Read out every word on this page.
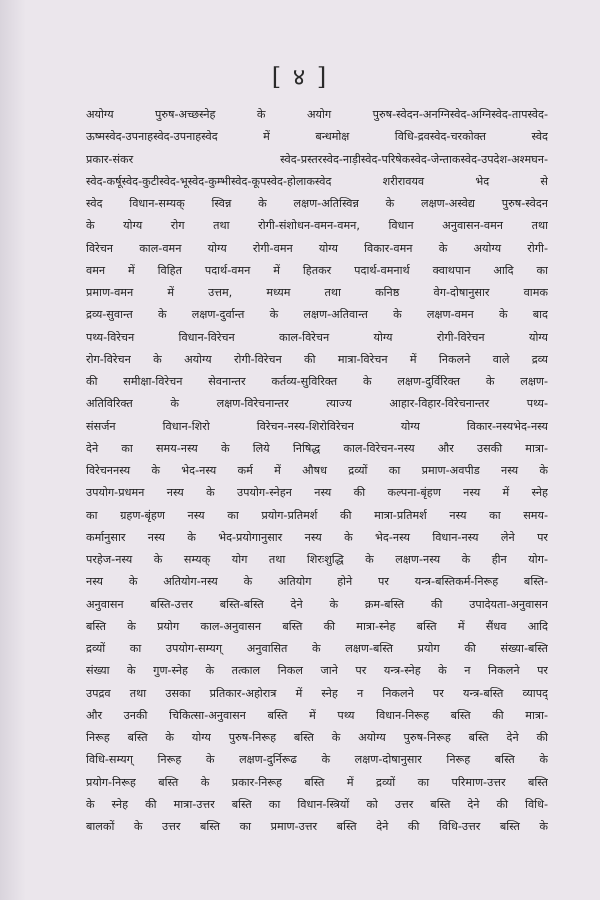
[ ४ ]
अयोग्य पुरुष-अच्छस्नेह के अयोग पुरुष-स्वेदन-अनग्निस्वेद-अग्निस्वेद-तापस्वेद-
ऊष्मस्वेद-उपनाहस्वेद-उपनाहस्वेद में बन्धमोक्ष विधि-द्रवस्वेद-चरकोक्त स्वेद
प्रकार-संकर स्वेद-प्रस्तरस्वेद-नाड़ीस्वेद-परिषेकस्वेद-जेन्ताकस्वेद-उपदेश-अश्मघन-
स्वेद-कर्षूस्वेद-कुटीस्वेद-भूस्वेद-कुम्भीस्वेद-कूपस्वेद-होलाकस्वेद शरीरावयव भेद से
स्वेद विधान-सम्यक् स्विन्न के लक्षण-अतिस्विन्न के लक्षण-अस्वेद्य पुरुष-स्वेदन
के योग्य रोग तथा रोगी-संशोधन-वमन-वमन, विधान अनुवासन-वमन तथा
विरेचन काल-वमन योग्य रोगी-वमन योग्य विकार-वमन के अयोग्य रोगी-
वमन में विहित पदार्थ-वमन में हितकर पदार्थ-वमनार्थ क्वाथपान आदि का
प्रमाण-वमन में उत्तम, मध्यम तथा कनिष्ठ वेग-दोषानुसार वामक
द्रव्य-सुवान्त के लक्षण-दुर्वान्त के लक्षण-अतिवान्त के लक्षण-वमन के बाद
पथ्य-विरेचन विधान-विरेचन काल-विरेचन योग्य रोगी-विरेचन योग्य
रोग-विरेचन के अयोग्य रोगी-विरेचन की मात्रा-विरेचन में निकलने वाले द्रव्य
की समीक्षा-विरेचन सेवनान्तर कर्तव्य-सुविरिक्त के लक्षण-दुर्विरिक्त के लक्षण-
अतिविरिक्त के लक्षण-विरेचनान्तर त्याज्य आहार-विहार-विरेचनान्तर पथ्य-
संसर्जन विधान-शिरो विरेचन-नस्य-शिरोविरेचन योग्य विकार-नस्यभेद-नस्य
देने का समय-नस्य के लिये निषिद्ध काल-विरेचन-नस्य और उसकी मात्रा-
विरेचननस्य के भेद-नस्य कर्म में औषध द्रव्यों का प्रमाण-अवपीड नस्य के
उपयोग-प्रधमन नस्य के उपयोग-स्नेहन नस्य की कल्पना-बृंहण नस्य में स्नेह
का ग्रहण-बृंहण नस्य का प्रयोग-प्रतिमर्श की मात्रा-प्रतिमर्श नस्य का समय-
कर्मानुसार नस्य के भेद-प्रयोगानुसार नस्य के भेद-नस्य विधान-नस्य लेने पर
परहेज-नस्य के सम्यक् योग तथा शिरःशुद्धि के लक्षण-नस्य के हीन योग-
नस्य के अतियोग-नस्य के अतियोग होने पर यन्त्र-बस्तिकर्म-निरूह बस्ति-
अनुवासन बस्ति-उत्तर बस्ति-बस्ति देने के क्रम-बस्ति की उपादेयता-अनुवासन
बस्ति के प्रयोग काल-अनुवासन बस्ति की मात्रा-स्नेह बस्ति में सैंधव आदि
द्रव्यों का उपयोग-सम्यग् अनुवासित के लक्षण-बस्ति प्रयोग की संख्या-बस्ति
संख्या के गुण-स्नेह के तत्काल निकल जाने पर यन्त्र-स्नेह के न निकलने पर
उपद्रव तथा उसका प्रतिकार-अहोरात्र में स्नेह न निकलने पर यन्त्र-बस्ति व्यापद्
और उनकी चिकित्सा-अनुवासन बस्ति में पथ्य विधान-निरूह बस्ति की मात्रा-
निरूह बस्ति के योग्य पुरुष-निरूह बस्ति के अयोग्य पुरुष-निरूह बस्ति देने की
विधि-सम्यग् निरूह के लक्षण-दुर्निरूढ के लक्षण-दोषानुसार निरूह बस्ति के
प्रयोग-निरूह बस्ति के प्रकार-निरूह बस्ति में द्रव्यों का परिमाण-उत्तर बस्ति
के स्नेह की मात्रा-उत्तर बस्ति का विधान-स्त्रियों को उत्तर बस्ति देने की विधि-
बालकों के उत्तर बस्ति का प्रमाण-उत्तर बस्ति देने की विधि-उत्तर बस्ति के
